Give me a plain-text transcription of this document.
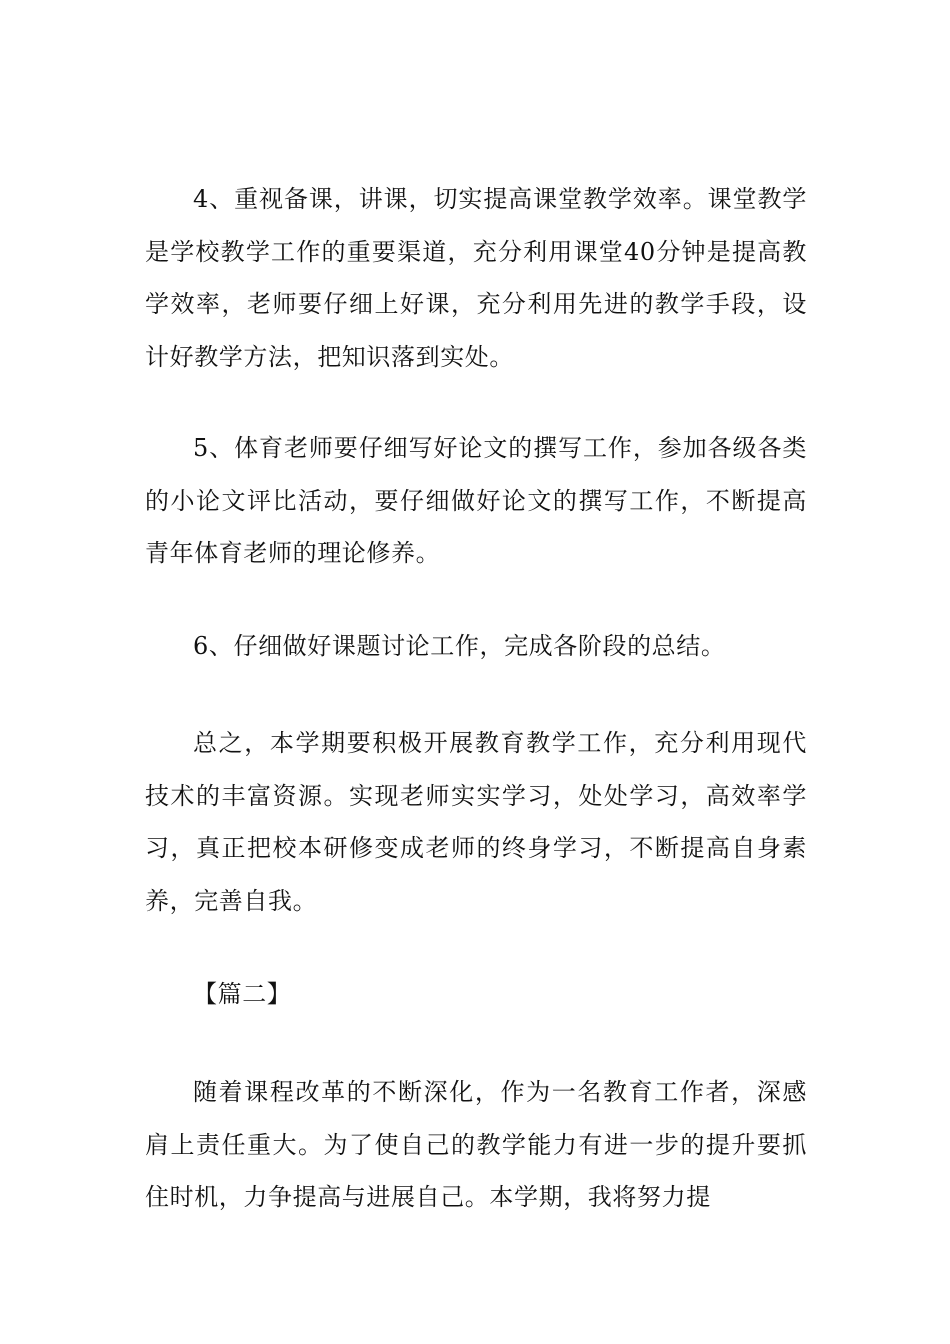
4、重视备课，讲课，切实提高课堂教学效率。课堂教学是学校教学工作的重要渠道，充分利用课堂40分钟是提高教学效率，老师要仔细上好课，充分利用先进的教学手段，设计好教学方法，把知识落到实处。

5、体育老师要仔细写好论文的撰写工作，参加各级各类的小论文评比活动，要仔细做好论文的撰写工作，不断提高青年体育老师的理论修养。

6、仔细做好课题讨论工作，完成各阶段的总结。

总之，本学期要积极开展教育教学工作，充分利用现代技术的丰富资源。实现老师实实学习，处处学习，高效率学习，真正把校本研修变成老师的终身学习，不断提高自身素养，完善自我。

【篇二】

随着课程改革的不断深化，作为一名教育工作者，深感肩上责任重大。为了使自己的教学能力有进一步的提升要抓住时机，力争提高与进展自己。本学期，我将努力提
